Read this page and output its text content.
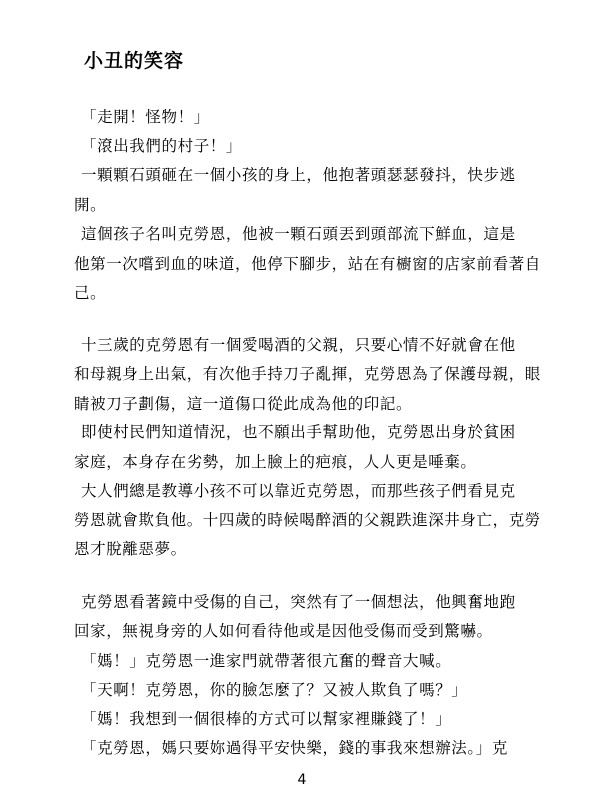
小丑的笑容
「走開！怪物！」
「滾出我們的村子！」
一顆顆石頭砸在一個小孩的身上，他抱著頭瑟瑟發抖，快步逃
開。
這個孩子名叫克勞恩，他被一顆石頭丟到頭部流下鮮血，這是
他第一次嚐到血的味道，他停下腳步，站在有櫥窗的店家前看著自
己。
十三歲的克勞恩有一個愛喝酒的父親，只要心情不好就會在他
和母親身上出氣，有次他手持刀子亂揮，克勞恩為了保護母親，眼
睛被刀子劃傷，這一道傷口從此成為他的印記。
即使村民們知道情況，也不願出手幫助他，克勞恩出身於貧困
家庭，本身存在劣勢，加上臉上的疤痕，人人更是唾棄。
大人們總是教導小孩不可以靠近克勞恩，而那些孩子們看見克
勞恩就會欺負他。十四歲的時候喝醉酒的父親跌進深井身亡，克勞
恩才脫離惡夢。
克勞恩看著鏡中受傷的自己，突然有了一個想法，他興奮地跑
回家，無視身旁的人如何看待他或是因他受傷而受到驚嚇。
「媽！」克勞恩一進家門就帶著很亢奮的聲音大喊。
「天啊！克勞恩，你的臉怎麼了？又被人欺負了嗎？」
「媽！我想到一個很棒的方式可以幫家裡賺錢了！」
「克勞恩，媽只要妳過得平安快樂，錢的事我來想辦法。」克
4
